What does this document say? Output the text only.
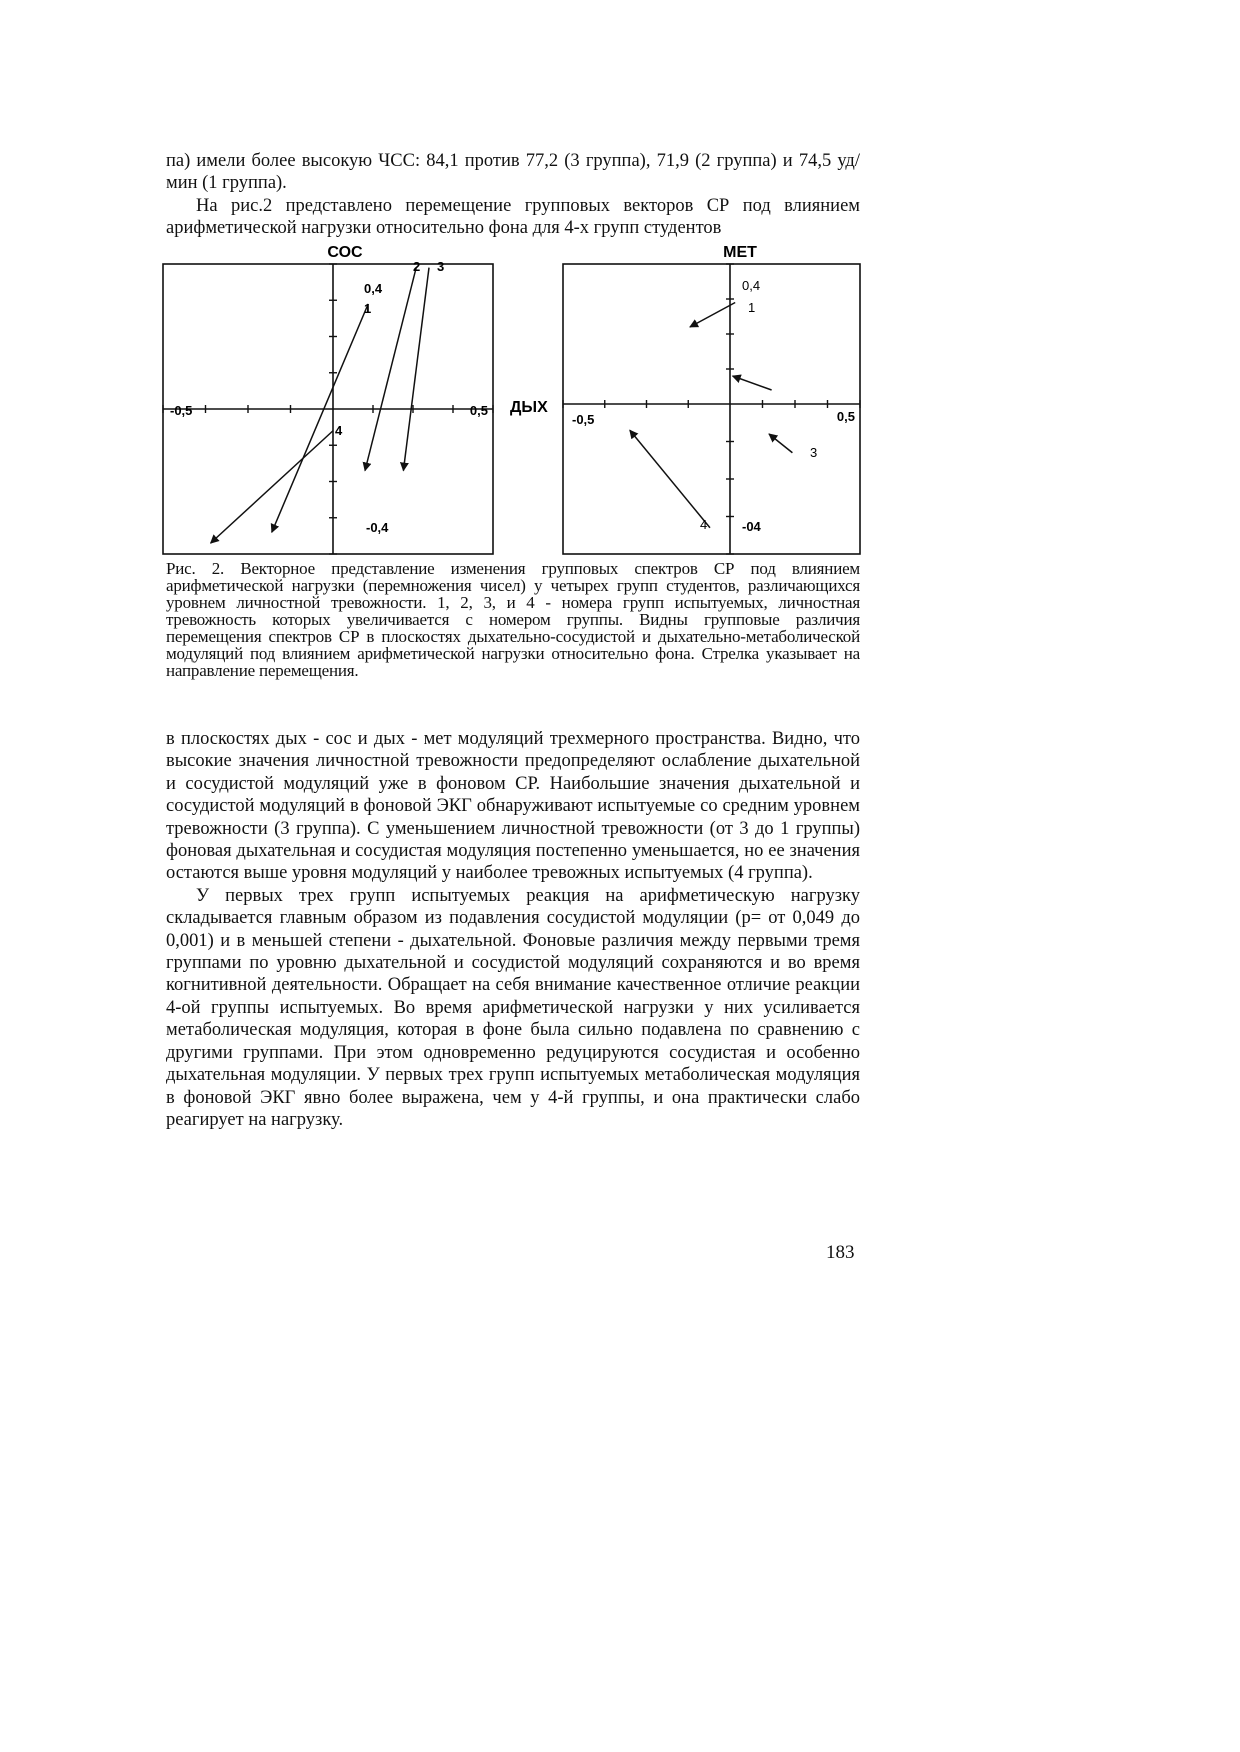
па) имели более высокую ЧСС: 84,1 против 77,2 (3 группа), 71,9 (2 группа) и 74,5 уд/мин (1 группа).

На рис.2 представлено перемещение групповых векторов СР под влиянием арифметической нагрузки относительно фона для 4-х групп студентов

СОС
-0,5	0,5
0,4
-0,4
1
2 3
4
ДЫХ
МЕТ
-0,5	0,5
0,4
-04
1
3
4
Рис. 2. Векторное представление изменения групповых спектров СР под влиянием арифметической нагрузки (перемножения чисел) у четырех групп студентов, различающихся уровнем личностной тревожности. 1, 2, 3, и 4 - номера групп испытуемых, личностная тревожность которых увеличивается с номером группы. Видны групповые различия перемещения спектров СР в плоскостях дыхательно-сосудистой и дыхательно-метаболической модуляций под влиянием арифметической нагрузки относительно фона. Стрелка указывает на направление перемещения.

в плоскостях дых - сос и дых - мет модуляций трехмерного пространства. Видно, что высокие значения личностной тревожности предопределяют ослабление дыхательной и сосудистой модуляций уже в фоновом СР. Наибольшие значения дыхательной и сосудистой модуляций в фоновой ЭКГ обнаруживают испытуемые со средним уровнем тревожности (3 группа). С уменьшением личностной тревожности (от 3 до 1 группы) фоновая дыхательная и сосудистая модуляция постепенно уменьшается, но ее значения остаются выше уровня модуляций у наиболее тревожных испытуемых (4 группа).

У первых трех групп испытуемых реакция на арифметическую нагрузку складывается главным образом из подавления сосудистой модуляции (р= от 0,049 до 0,001) и в меньшей степени - дыхательной. Фоновые различия между первыми тремя группами по уровню дыхательной и сосудистой модуляций сохраняются и во время когнитивной деятельности. Обращает на себя внимание качественное отличие реакции 4-ой группы испытуемых. Во время арифметической нагрузки у них усиливается метаболическая модуляция, которая в фоне была сильно подавлена по сравнению с другими группами. При этом одновременно редуцируются сосудистая и особенно дыхательная модуляции. У первых трех групп испытуемых метаболическая модуляция в фоновой ЭКГ явно более выражена, чем у 4-й группы, и она практически слабо реагирует на нагрузку.

183
